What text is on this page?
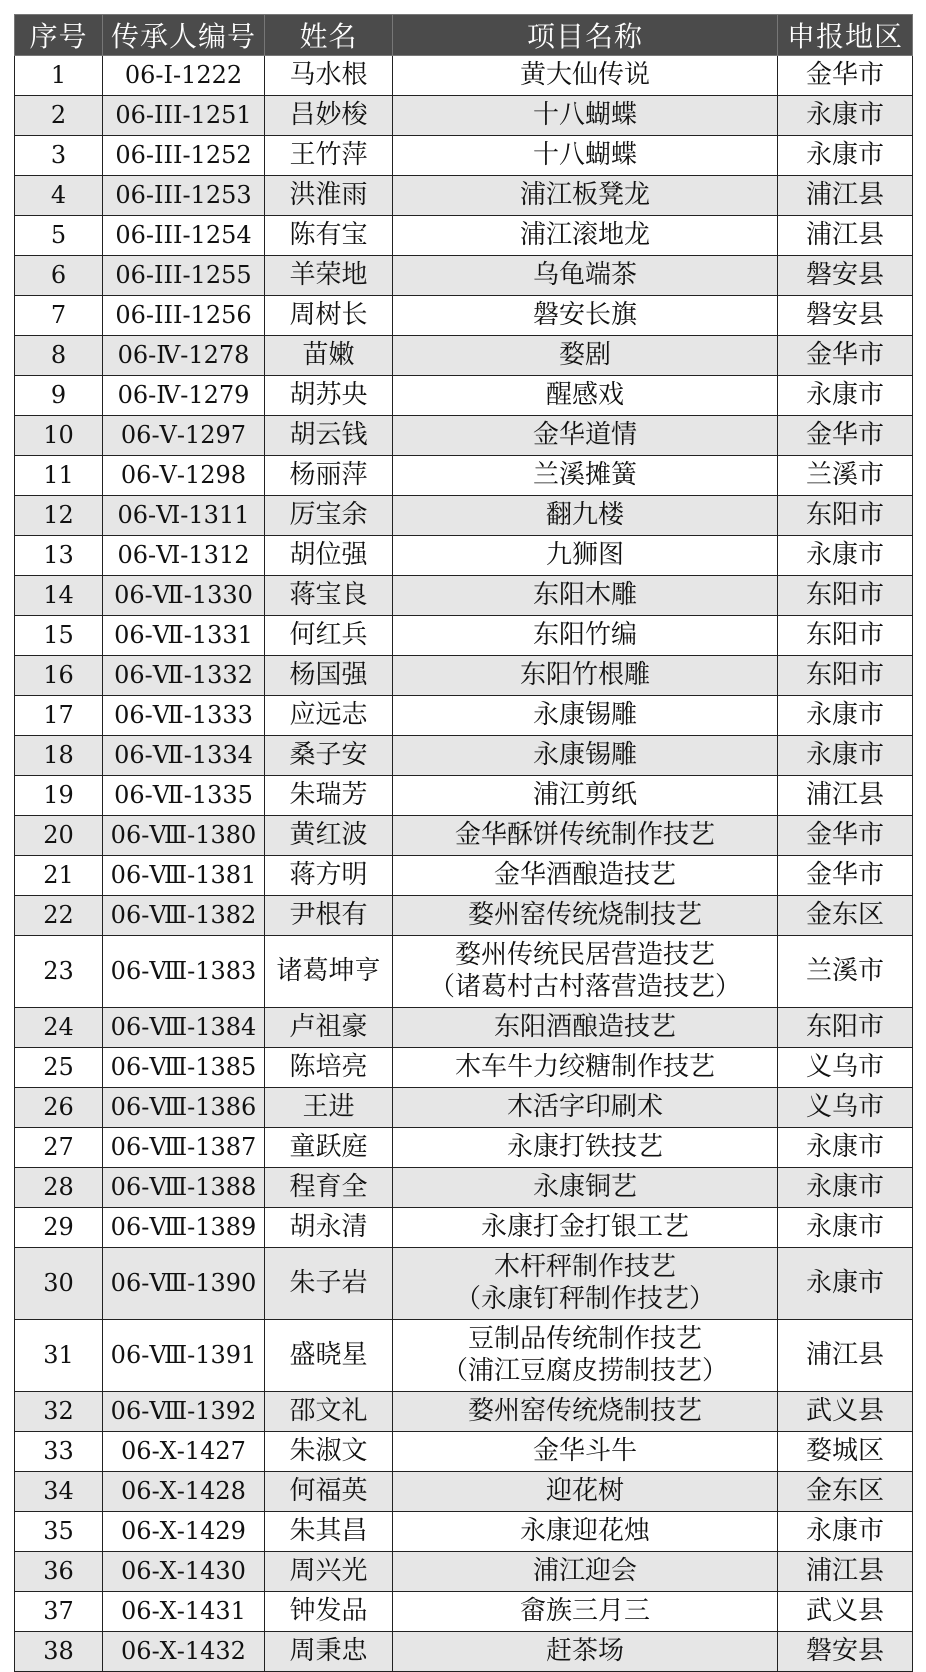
序号	传承人编号	姓名	项目名称	申报地区
1	06-I-1222	马水根	黄大仙传说	金华市
2	06-III-1251	吕妙梭	十八蝴蝶	永康市
3	06-III-1252	王竹萍	十八蝴蝶	永康市
4	06-III-1253	洪淮雨	浦江板凳龙	浦江县
5	06-III-1254	陈有宝	浦江滚地龙	浦江县
6	06-III-1255	羊荣地	乌龟端茶	磐安县
7	06-III-1256	周树长	磐安长旗	磐安县
8	06-Ⅳ-1278	苗嫩	婺剧	金华市
9	06-Ⅳ-1279	胡苏央	醒感戏	永康市
10	06-Ⅴ-1297	胡云钱	金华道情	金华市
11	06-Ⅴ-1298	杨丽萍	兰溪摊簧	兰溪市
12	06-Ⅵ-1311	厉宝余	翻九楼	东阳市
13	06-Ⅵ-1312	胡位强	九狮图	永康市
14	06-Ⅶ-1330	蒋宝良	东阳木雕	东阳市
15	06-Ⅶ-1331	何红兵	东阳竹编	东阳市
16	06-Ⅶ-1332	杨国强	东阳竹根雕	东阳市
17	06-Ⅶ-1333	应远志	永康锡雕	永康市
18	06-Ⅶ-1334	桑子安	永康锡雕	永康市
19	06-Ⅶ-1335	朱瑞芳	浦江剪纸	浦江县
20	06-Ⅷ-1380	黄红波	金华酥饼传统制作技艺	金华市
21	06-Ⅷ-1381	蒋方明	金华酒酿造技艺	金华市
22	06-Ⅷ-1382	尹根有	婺州窑传统烧制技艺	金东区
23	06-Ⅷ-1383	诸葛坤亨	婺州传统民居营造技艺
（诸葛村古村落营造技艺）	兰溪市
24	06-Ⅷ-1384	卢祖豪	东阳酒酿造技艺	东阳市
25	06-Ⅷ-1385	陈培亮	木车牛力绞糖制作技艺	义乌市
26	06-Ⅷ-1386	王进	木活字印刷术	义乌市
27	06-Ⅷ-1387	童跃庭	永康打铁技艺	永康市
28	06-Ⅷ-1388	程育全	永康铜艺	永康市
29	06-Ⅷ-1389	胡永清	永康打金打银工艺	永康市
30	06-Ⅷ-1390	朱子岩	木杆秤制作技艺
（永康钉秤制作技艺）	永康市
31	06-Ⅷ-1391	盛晓星	豆制品传统制作技艺
（浦江豆腐皮捞制技艺）	浦江县
32	06-Ⅷ-1392	邵文礼	婺州窑传统烧制技艺	武义县
33	06-Ⅹ-1427	朱淑文	金华斗牛	婺城区
34	06-Ⅹ-1428	何福英	迎花树	金东区
35	06-Ⅹ-1429	朱其昌	永康迎花烛	永康市
36	06-Ⅹ-1430	周兴光	浦江迎会	浦江县
37	06-Ⅹ-1431	钟发品	畲族三月三	武义县
38	06-Ⅹ-1432	周秉忠	赶茶场	磐安县
